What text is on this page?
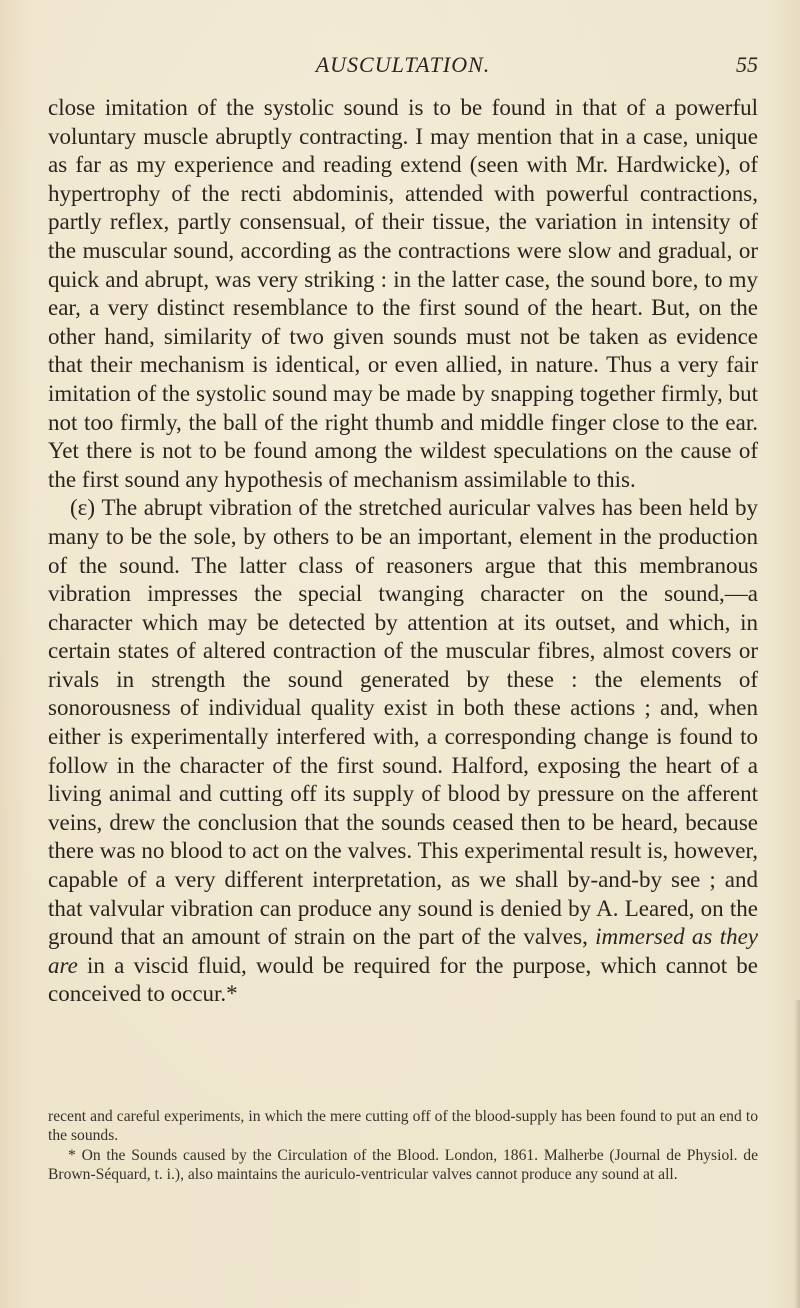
AUSCULTATION.	55

close imitation of the systolic sound is to be found in that of a powerful voluntary muscle abruptly contracting. I may mention that in a case, unique as far as my experience and reading extend (seen with Mr. Hardwicke), of hypertrophy of the recti abdominis, attended with powerful contractions, partly reflex, partly consensual, of their tissue, the variation in intensity of the muscular sound, according as the contractions were slow and gradual, or quick and abrupt, was very striking : in the latter case, the sound bore, to my ear, a very distinct resemblance to the first sound of the heart. But, on the other hand, similarity of two given sounds must not be taken as evidence that their mechanism is identical, or even allied, in nature. Thus a very fair imitation of the systolic sound may be made by snapping together firmly, but not too firmly, the ball of the right thumb and middle finger close to the ear. Yet there is not to be found among the wildest speculations on the cause of the first sound any hypothesis of mechanism assimilable to this.

(ε) The abrupt vibration of the stretched auricular valves has been held by many to be the sole, by others to be an important, element in the production of the sound. The latter class of reasoners argue that this membranous vibration impresses the special twanging character on the sound,—a character which may be detected by attention at its outset, and which, in certain states of altered contraction of the muscular fibres, almost covers or rivals in strength the sound generated by these : the elements of sonorousness of individual quality exist in both these actions ; and, when either is experimentally interfered with, a corresponding change is found to follow in the character of the first sound. Halford, exposing the heart of a living animal and cutting off its supply of blood by pressure on the afferent veins, drew the conclusion that the sounds ceased then to be heard, because there was no blood to act on the valves. This experimental result is, however, capable of a very different interpretation, as we shall by-and-by see ; and that valvular vibration can produce any sound is denied by A. Leared, on the ground that an amount of strain on the part of the valves, immersed as they are in a viscid fluid, would be required for the purpose, which cannot be conceived to occur.*

recent and careful experiments, in which the mere cutting off of the blood-supply has been found to put an end to the sounds.

* On the Sounds caused by the Circulation of the Blood. London, 1861. Malherbe (Journal de Physiol. de Brown-Séquard, t. i.), also maintains the auriculo-ventricular valves cannot produce any sound at all.
